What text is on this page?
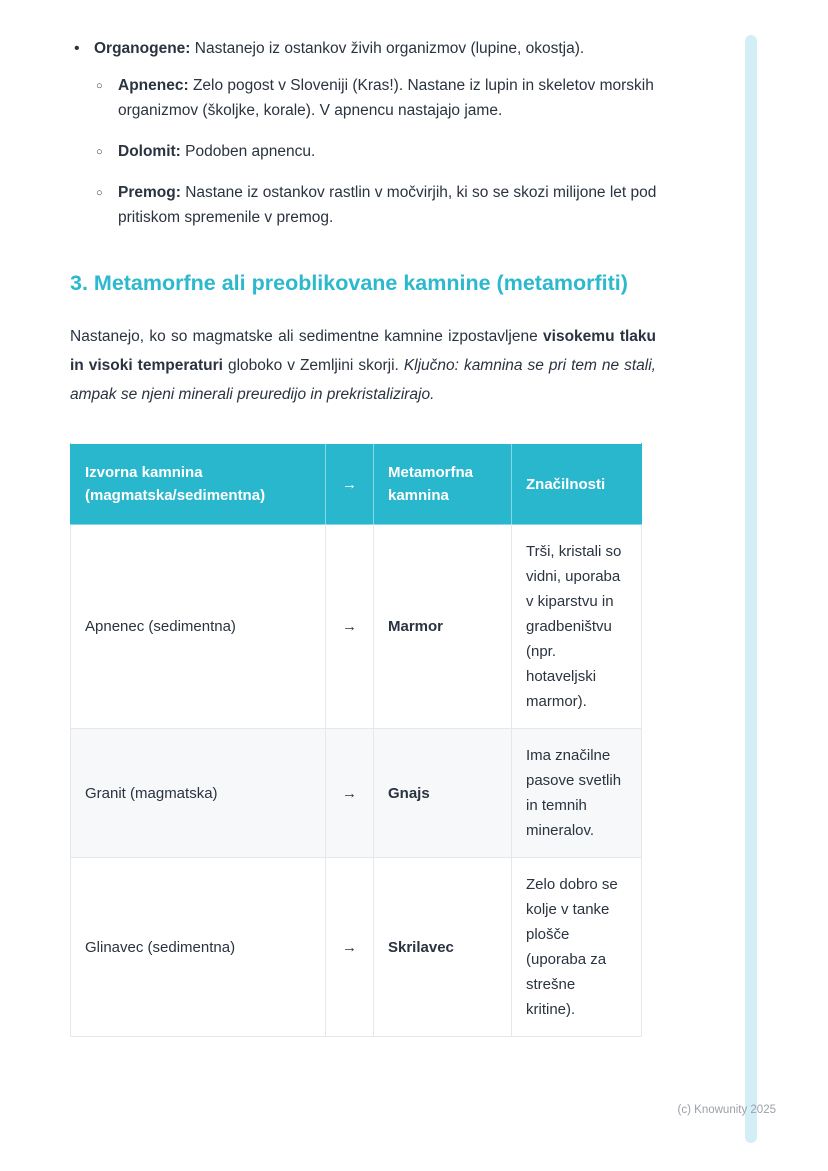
• Organogene: Nastanejo iz ostankov živih organizmov (lupine, okostja).
○ Apnenec: Zelo pogost v Sloveniji (Kras!). Nastane iz lupin in skeletov morskih organizmov (školjke, korale). V apnencu nastajajo jame.
○ Dolomit: Podoben apnencu.
○ Premog: Nastane iz ostankov rastlin v močvirjih, ki so se skozi milijone let pod pritiskom spremenile v premog.
3. Metamorfne ali preoblikovane kamnine (metamorfiti)

Nastanejo, ko so magmatske ali sedimentne kamnine izpostavljene visokemu tlaku in visoki temperaturi globoko v Zemljini skorji. Ključno: kamnina se pri tem ne stali, ampak se njeni minerali preuredijo in prekristalizirajo.

Izvorna kamnina (magmatska/sedimentna)	→	Metamorfna kamnina	Značilnosti
Apnenec (sedimentna)	→	Marmor	Trši, kristali so vidni, uporaba v kiparstvu in gradbeništvu (npr. hotaveljski marmor).
Granit (magmatska)	→	Gnajs	Ima značilne pasove svetlih in temnih mineralov.
Glinavec (sedimentna)	→	Skrilavec	Zelo dobro se kolje v tanke plošče (uporaba za strešne kritine).
(c) Knowunity 2025
